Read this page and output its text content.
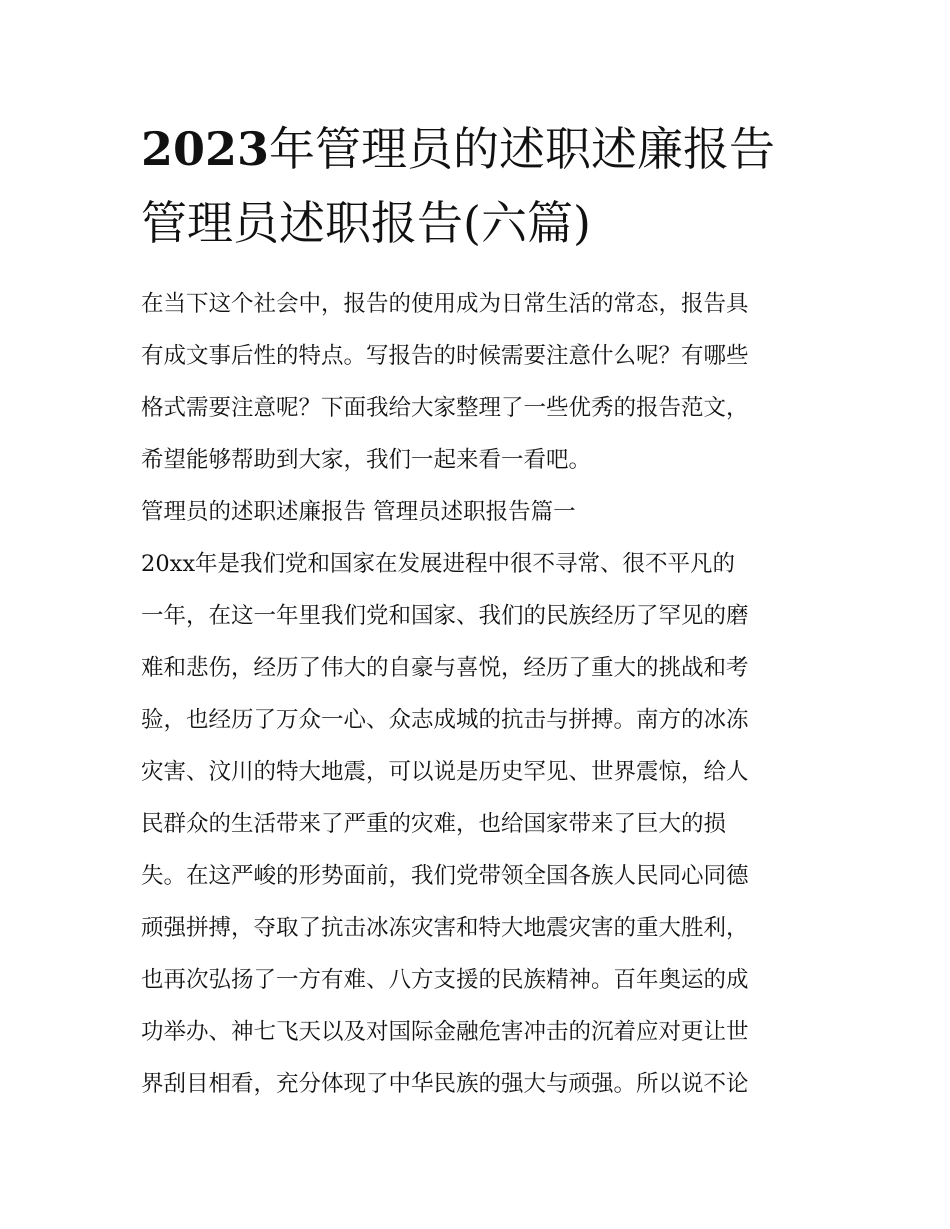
2023年管理员的述职述廉报告
管理员述职报告(六篇)
在当下这个社会中，报告的使用成为日常生活的常态，报告具
有成文事后性的特点。写报告的时候需要注意什么呢？有哪些
格式需要注意呢？下面我给大家整理了一些优秀的报告范文，
希望能够帮助到大家，我们一起来看一看吧。
管理员的述职述廉报告 管理员述职报告篇一
20xx年是我们党和国家在发展进程中很不寻常、很不平凡的
一年，在这一年里我们党和国家、我们的民族经历了罕见的磨
难和悲伤，经历了伟大的自豪与喜悦，经历了重大的挑战和考
验，也经历了万众一心、众志成城的抗击与拼搏。南方的冰冻
灾害、汶川的特大地震，可以说是历史罕见、世界震惊，给人
民群众的生活带来了严重的灾难，也给国家带来了巨大的损
失。在这严峻的形势面前，我们党带领全国各族人民同心同德
顽强拼搏，夺取了抗击冰冻灾害和特大地震灾害的重大胜利，
也再次弘扬了一方有难、八方支援的民族精神。百年奥运的成
功举办、神七飞天以及对国际金融危害冲击的沉着应对更让世
界刮目相看，充分体现了中华民族的强大与顽强。所以说不论
